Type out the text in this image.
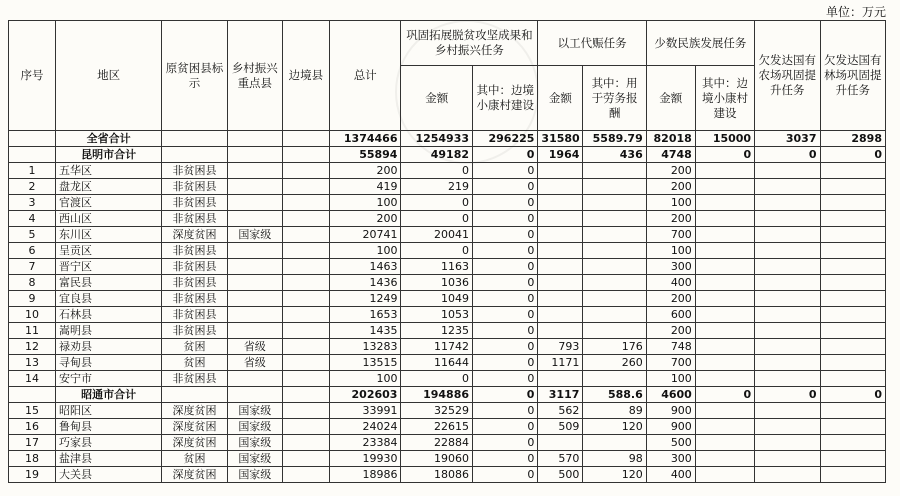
单位：万元
序号	地区	原贫困县标示	乡村振兴重点县	边境县	总计	巩固拓展脱贫攻坚成果和乡村振兴任务		以工代赈任务		少数民族发展任务		欠发达国有农场巩固提升任务	欠发达国有林场巩固提升任务
						金额	其中：边境小康村建设	金额	其中：用于劳务报酬	金额	其中：边境小康村建设		
	全省合计				1374466	1254933	296225	31580	5589.79	82018	15000	3037	2898
	昆明市合计				55894	49182	0	1964	436	4748	0	0	0
1	五华区	非贫困县			200	0	0			200			
2	盘龙区	非贫困县			419	219	0			200			
3	官渡区	非贫困县			100	0	0			100			
4	西山区	非贫困县			200	0	0			200			
5	东川区	深度贫困	国家级		20741	20041	0			700			
6	呈贡区	非贫困县			100	0	0			100			
7	晋宁区	非贫困县			1463	1163	0			300			
8	富民县	非贫困县			1436	1036	0			400			
9	宜良县	非贫困县			1249	1049	0			200			
10	石林县	非贫困县			1653	1053	0			600			
11	嵩明县	非贫困县			1435	1235	0			200			
12	禄劝县	贫困	省级		13283	11742	0	793	176	748			
13	寻甸县	贫困	省级		13515	11644	0	1171	260	700			
14	安宁市	非贫困县			100	0	0			100			
	昭通市合计				202603	194886	0	3117	588.6	4600	0	0	0
15	昭阳区	深度贫困	国家级		33991	32529	0	562	89	900			
16	鲁甸县	深度贫困	国家级		24024	22615	0	509	120	900			
17	巧家县	深度贫困	国家级		23384	22884	0			500			
18	盐津县	贫困	国家级		19930	19060	0	570	98	300			
19	大关县	深度贫困	国家级		18986	18086	0	500	120	400			
